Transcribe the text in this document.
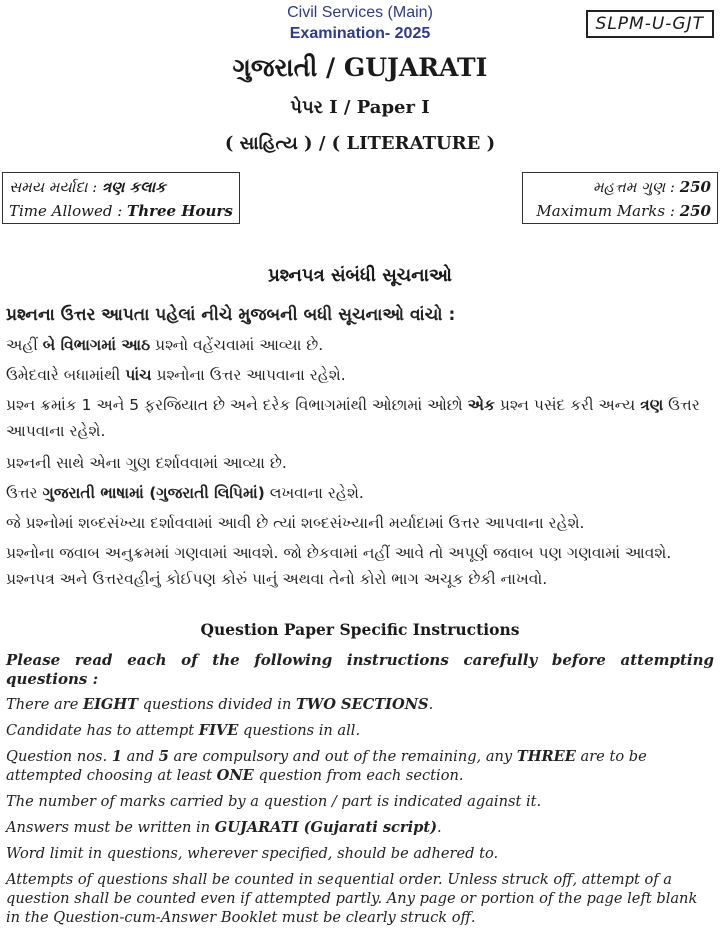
Civil Services (Main)
Examination- 2025	SLPM-U-GJT
ગુજરાતી / GUJARATI
પેપર I / Paper I
( સાહિત્ય ) / ( LITERATURE )
સમય મર્યાદા : ત્રણ કલાક
Time Allowed : Three Hours
મહત્તમ ગુણ : 250
Maximum Marks : 250
પ્રશ્નપત્ર સંબંધી સૂચનાઓ

પ્રશ્નના ઉત્તર આપતા પહેલાં નીચે મુજબની બધી સૂચનાઓ વાંચો :

અહીં બે વિભાગમાં આઠ પ્રશ્નો વહેંચવામાં આવ્યા છે.

ઉમેદવારે બધામાંથી પાંચ પ્રશ્નોના ઉત્તર આપવાના રહેશે.

પ્રશ્ન ક્રમાંક 1 અને 5 ફરજિયાત છે અને દરેક વિભાગમાંથી ઓછામાં ઓછો એક પ્રશ્ન પસંદ કરી અન્ય ત્રણ ઉત્તર આપવાના રહેશે.

પ્રશ્નની સાથે એના ગુણ દર્શાવવામાં આવ્યા છે.

ઉત્તર ગુજરાતી ભાષામાં (ગુજરાતી લિપિમાં) લખવાના રહેશે.

જે પ્રશ્નોમાં શબ્દસંખ્યા દર્શાવવામાં આવી છે ત્યાં શબ્દસંખ્યાની મર્યાદામાં ઉત્તર આપવાના રહેશે.

પ્રશ્નોના જવાબ અનુક્રમમાં ગણવામાં આવશે. જો છેકવામાં નહીં આવે તો અપૂર્ણ જવાબ પણ ગણવામાં આવશે. પ્રશ્નપત્ર અને ઉત્તરવહીનું કોઈપણ કોરું પાનું અથવા તેનો કોરો ભાગ અચૂક છેકી નાખવો.

Question Paper Specific Instructions

Please read each of the following instructions carefully before attempting questions :

There are EIGHT questions divided in TWO SECTIONS.

Candidate has to attempt FIVE questions in all.

Question nos. 1 and 5 are compulsory and out of the remaining, any THREE are to be attempted choosing at least ONE question from each section.

The number of marks carried by a question / part is indicated against it.

Answers must be written in GUJARATI (Gujarati script).

Word limit in questions, wherever specified, should be adhered to.

Attempts of questions shall be counted in sequential order. Unless struck off, attempt of a question shall be counted even if attempted partly. Any page or portion of the page left blank in the Question-cum-Answer Booklet must be clearly struck off.
